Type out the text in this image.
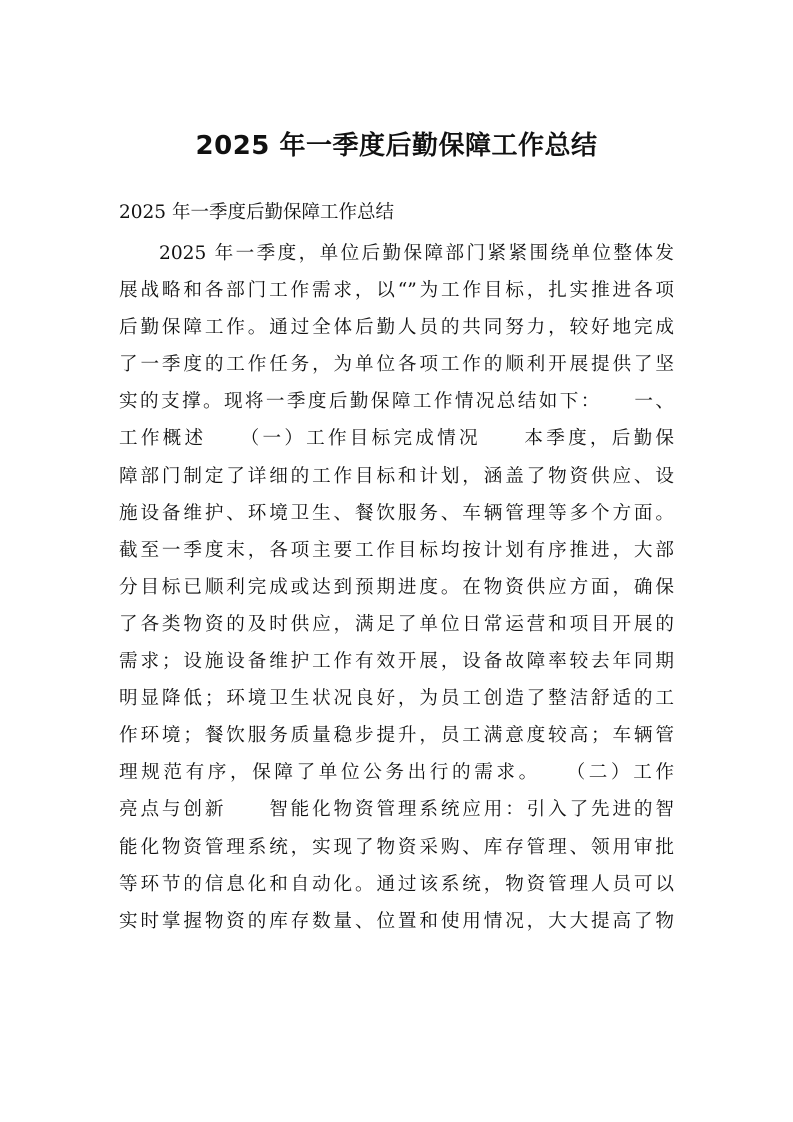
2025 年一季度后勤保障工作总结
2025 年一季度后勤保障工作总结
2025 年一季度，单位后勤保障部门紧紧围绕单位整体发
展战略和各部门工作需求，以“”为工作目标，扎实推进各项
后勤保障工作。通过全体后勤人员的共同努力，较好地完成
了一季度的工作任务，为单位各项工作的顺利开展提供了坚
实的支撑。现将一季度后勤保障工作情况总结如下：　　一、
工作概述　　（一）工作目标完成情况　　本季度，后勤保
障部门制定了详细的工作目标和计划，涵盖了物资供应、设
施设备维护、环境卫生、餐饮服务、车辆管理等多个方面。
截至一季度末，各项主要工作目标均按计划有序推进，大部
分目标已顺利完成或达到预期进度。在物资供应方面，确保
了各类物资的及时供应，满足了单位日常运营和项目开展的
需求；设施设备维护工作有效开展，设备故障率较去年同期
明显降低；环境卫生状况良好，为员工创造了整洁舒适的工
作环境；餐饮服务质量稳步提升，员工满意度较高；车辆管
理规范有序，保障了单位公务出行的需求。　　（二）工作
亮点与创新　　智能化物资管理系统应用：引入了先进的智
能化物资管理系统，实现了物资采购、库存管理、领用审批
等环节的信息化和自动化。通过该系统，物资管理人员可以
实时掌握物资的库存数量、位置和使用情况，大大提高了物
